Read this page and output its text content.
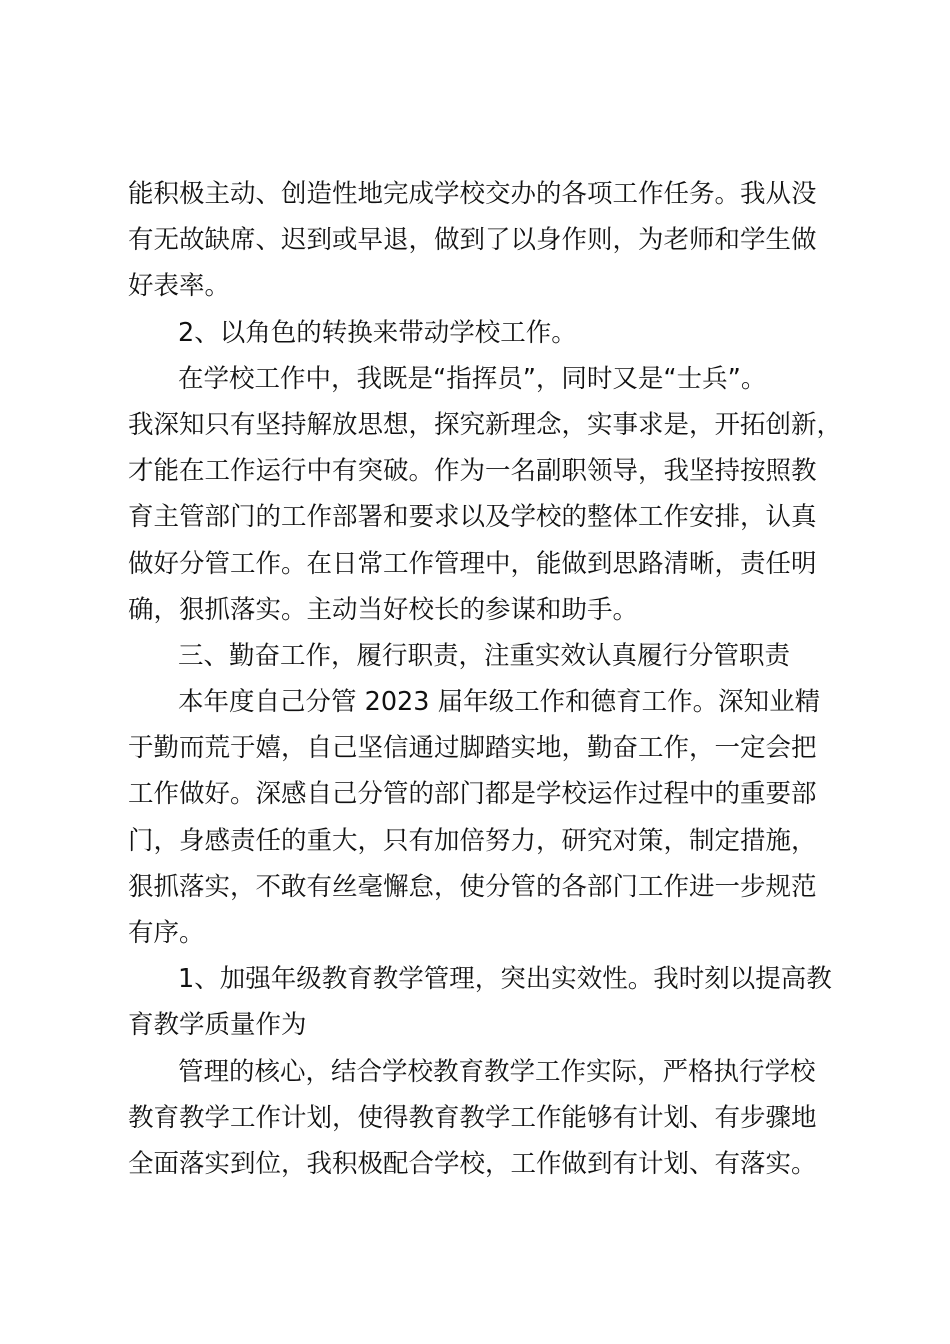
能积极主动、创造性地完成学校交办的各项工作任务。我从没
有无故缺席、迟到或早退，做到了以身作则，为老师和学生做
好表率。

2、以角色的转换来带动学校工作。

在学校工作中，我既是“指挥员”，同时又是“士兵”。
我深知只有坚持解放思想，探究新理念，实事求是，开拓创新，
才能在工作运行中有突破。作为一名副职领导，我坚持按照教
育主管部门的工作部署和要求以及学校的整体工作安排，认真
做好分管工作。在日常工作管理中，能做到思路清晰，责任明
确，狠抓落实。主动当好校长的参谋和助手。

三、勤奋工作，履行职责，注重实效认真履行分管职责

本年度自己分管 2023 届年级工作和德育工作。深知业精
于勤而荒于嬉，自己坚信通过脚踏实地，勤奋工作，一定会把
工作做好。深感自己分管的部门都是学校运作过程中的重要部
门，身感责任的重大，只有加倍努力，研究对策，制定措施，
狠抓落实，不敢有丝毫懈怠，使分管的各部门工作进一步规范
有序。

1、加强年级教育教学管理，突出实效性。我时刻以提高教
育教学质量作为

管理的核心，结合学校教育教学工作实际，严格执行学校
教育教学工作计划，使得教育教学工作能够有计划、有步骤地
全面落实到位，我积极配合学校，工作做到有计划、有落实。
